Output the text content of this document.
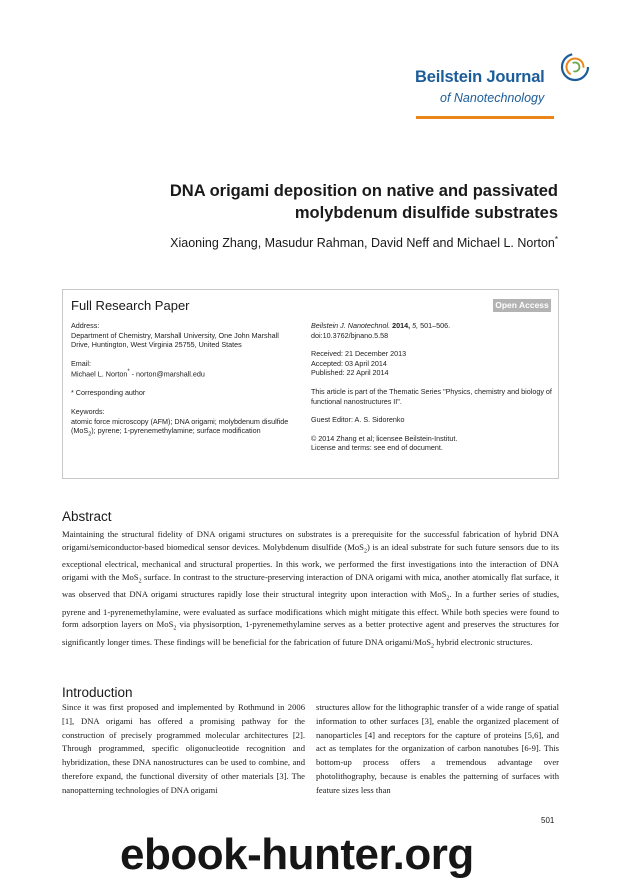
Beilstein Journal
of Nanotechnology
DNA origami deposition on native and passivated molybdenum disulfide substrates
Xiaoning Zhang, Masudur Rahman, David Neff and Michael L. Norton*
Full Research Paper	Open Access

Address:

Department of Chemistry, Marshall University, One John Marshall Drive, Huntington, West Virginia 25755, United States

Email:

Michael L. Norton* - norton@marshall.edu

* Corresponding author

Keywords:

atomic force microscopy (AFM); DNA origami; molybdenum disulfide (MoS$_2$); pyrene; 1-pyrenemethylamine; surface modification

Beilstein J. Nanotechnol. 2014, 5, 501–506.

doi:10.3762/bjnano.5.58

Received: 21 December 2013

Accepted: 03 April 2014

Published: 22 April 2014

This article is part of the Thematic Series "Physics, chemistry and biology of functional nanostructures II".

Guest Editor: A. S. Sidorenko

© 2014 Zhang et al; licensee Beilstein-Institut.

License and terms: see end of document.

Abstract

Maintaining the structural fidelity of DNA origami structures on substrates is a prerequisite for the successful fabrication of hybrid DNA origami/semiconductor-based biomedical sensor devices. Molybdenum disulfide (MoS$_2$) is an ideal substrate for such future sensors due to its exceptional electrical, mechanical and structural properties. In this work, we performed the first investigations into the interaction of DNA origami with the MoS$_2$ surface. In contrast to the structure-preserving interaction of DNA origami with mica, another atomically flat surface, it was observed that DNA origami structures rapidly lose their structural integrity upon interaction with MoS$_2$. In a further series of studies, pyrene and 1-pyrenemethylamine, were evaluated as surface modifications which might mitigate this effect. While both species were found to form adsorption layers on MoS$_2$ via physisorption, 1-pyrenemethylamine serves as a better protective agent and preserves the structures for significantly longer times. These findings will be beneficial for the fabrication of future DNA origami/MoS$_2$ hybrid electronic structures.

Introduction
Since it was first proposed and implemented by Rothmund in 2006 [1], DNA origami has offered a promising pathway for the construction of precisely programmed molecular architectures [2]. Through programmed, specific oligonucleotide recognition and hybridization, these DNA nanostructures can be used to combine, and therefore expand, the functional diversity of other materials [3]. The nanopatterning technologies of DNA origami
structures allow for the lithographic transfer of a wide range of spatial information to other surfaces [3], enable the organized placement of nanoparticles [4] and receptors for the capture of proteins [5,6], and act as templates for the organization of carbon nanotubes [6-9]. This bottom-up process offers a tremendous advantage over photolithography, because is enables the patterning of surfaces with feature sizes less than
501
ebook-hunter.org
